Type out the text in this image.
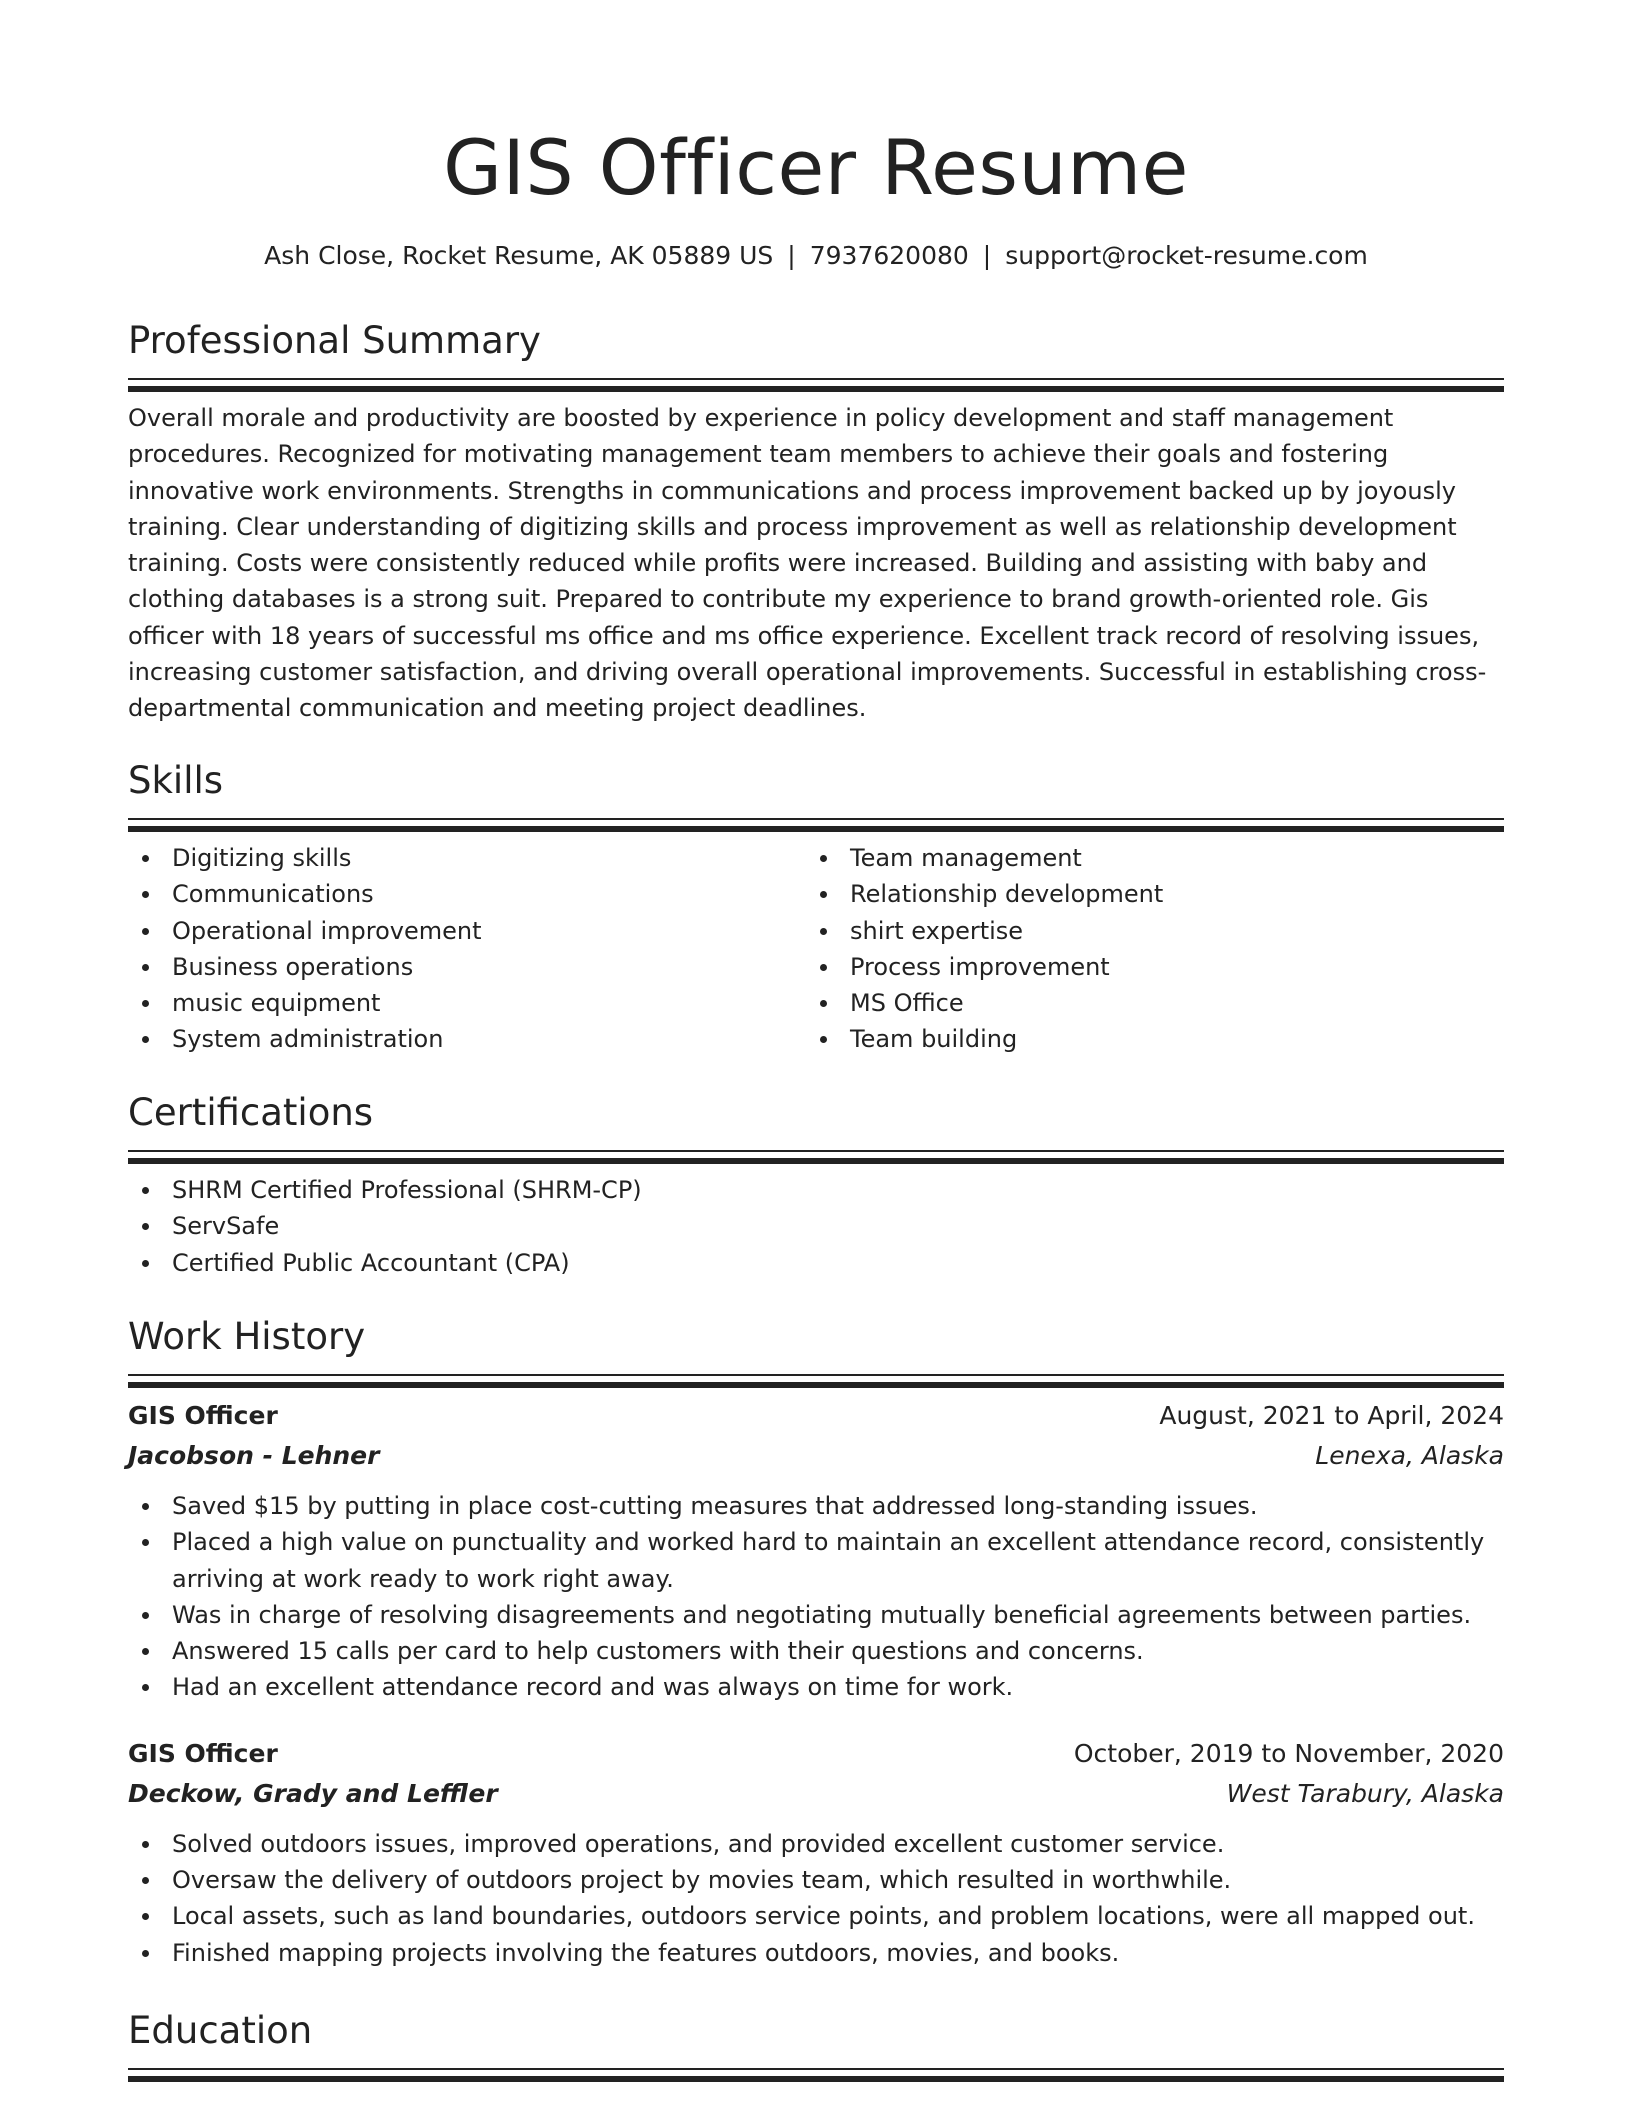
GIS Officer Resume
Ash Close, Rocket Resume, AK 05889 US | 7937620080 | support@rocket-resume.com
Professional Summary

Overall morale and productivity are boosted by experience in policy development and staff management procedures. Recognized for motivating management team members to achieve their goals and fostering innovative work environments. Strengths in communications and process improvement backed up by joyously training. Clear understanding of digitizing skills and process improvement as well as relationship development training. Costs were consistently reduced while profits were increased. Building and assisting with baby and clothing databases is a strong suit. Prepared to contribute my experience to brand growth-oriented role. Gis officer with 18 years of successful ms office and ms office experience. Excellent track record of resolving issues, increasing customer satisfaction, and driving overall operational improvements. Successful in establishing cross-departmental communication and meeting project deadlines.

Skills
Digitizing skills
Communications
Operational improvement
Business operations
music equipment
System administration
Team management
Relationship development
shirt expertise
Process improvement
MS Office
Team building
Certifications
SHRM Certified Professional (SHRM-CP)
ServSafe
Certified Public Accountant (CPA)
Work History
GIS Officer	August, 2021 to April, 2024
Jacobson - Lehner	Lenexa, Alaska
Saved $15 by putting in place cost-cutting measures that addressed long-standing issues.
Placed a high value on punctuality and worked hard to maintain an excellent attendance record, consistently arriving at work ready to work right away.
Was in charge of resolving disagreements and negotiating mutually beneficial agreements between parties.
Answered 15 calls per card to help customers with their questions and concerns.
Had an excellent attendance record and was always on time for work.
GIS Officer	October, 2019 to November, 2020
Deckow, Grady and Leffler	West Tarabury, Alaska
Solved outdoors issues, improved operations, and provided excellent customer service.
Oversaw the delivery of outdoors project by movies team, which resulted in worthwhile.
Local assets, such as land boundaries, outdoors service points, and problem locations, were all mapped out.
Finished mapping projects involving the features outdoors, movies, and books.
Education
